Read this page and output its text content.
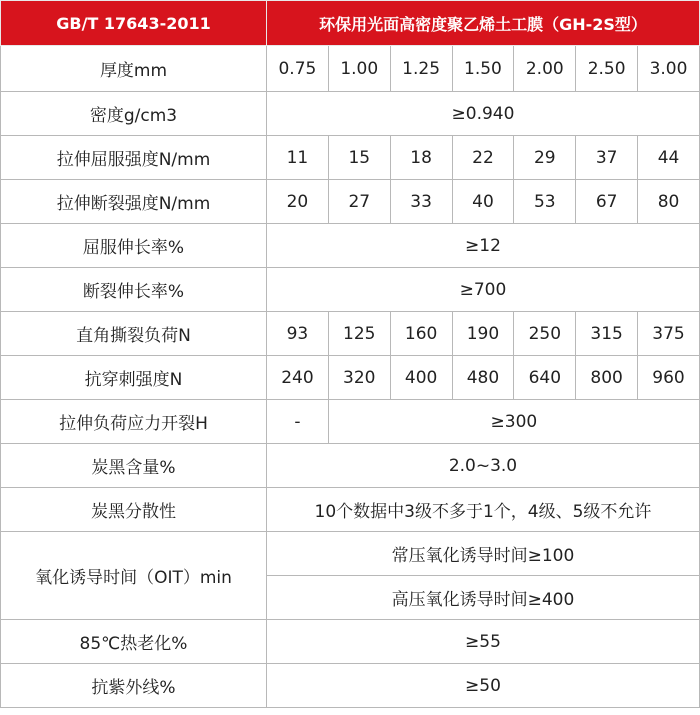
GB/T 17643-2011	环保用光面高密度聚乙烯土工膜（GH-2S型）						
厚度mm	0.75	1.00	1.25	1.50	2.00	2.50	3.00
密度g/cm3	≥0.940						
拉伸屈服强度N/mm	11	15	18	22	29	37	44
拉伸断裂强度N/mm	20	27	33	40	53	67	80
屈服伸长率%	≥12						
断裂伸长率%	≥700						
直角撕裂负荷N	93	125	160	190	250	315	375
抗穿刺强度N	240	320	400	480	640	800	960
拉伸负荷应力开裂H	-	≥300					
炭黑含量%	2.0~3.0						
炭黑分散性	10个数据中3级不多于1个，4级、5级不允许						
氧化诱导时间（OIT）min	常压氧化诱导时间≥100						
	高压氧化诱导时间≥400						
85℃热老化%	≥55						
抗紫外线%	≥50						
